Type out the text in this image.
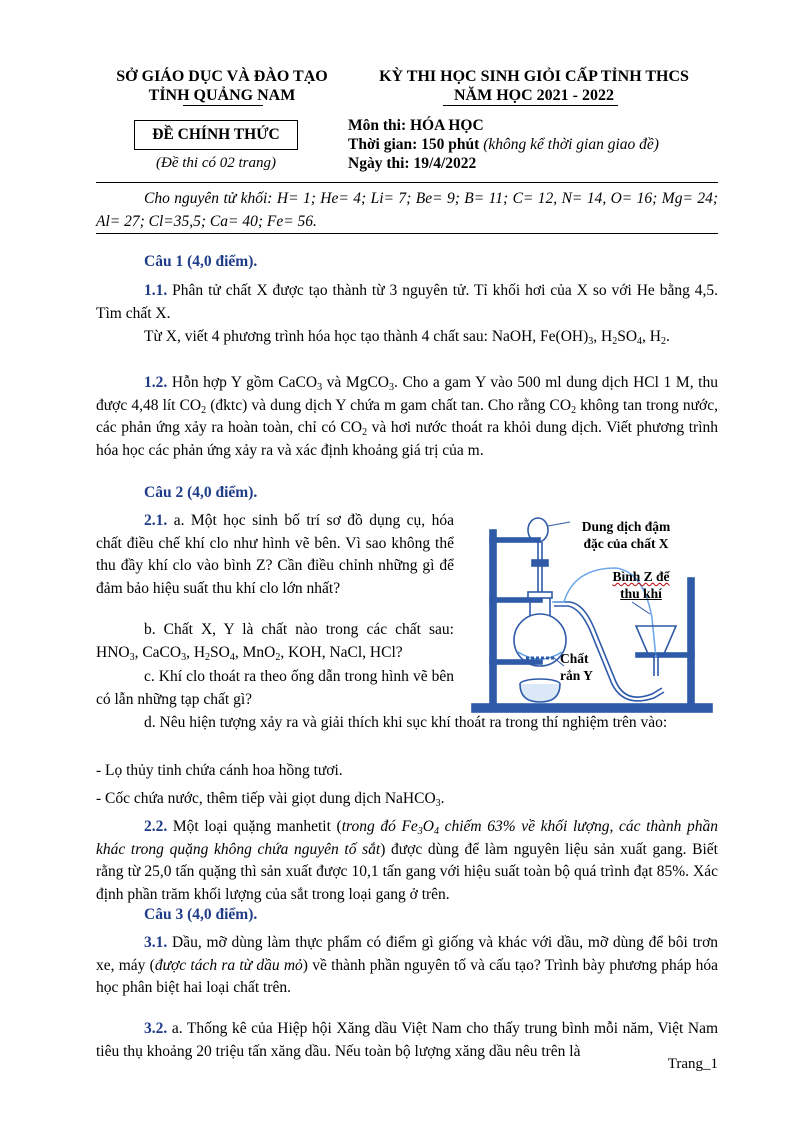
SỞ GIÁO DỤC VÀ ĐÀO TẠO
TỈNH QUẢNG NAM
KỲ THI HỌC SINH GIỎI CẤP TỈNH THCS
NĂM HỌC 2021 - 2022
ĐỀ CHÍNH THỨC
(Đề thi có 02 trang)
Môn thi: HÓA HỌC
Thời gian: 150 phút (không kể thời gian giao đề)
Ngày thi: 19/4/2022

Cho nguyên tử khối: H= 1; He= 4; Li= 7; Be= 9; B= 11; C= 12, N= 14, O= 16; Mg= 24; Al= 27; Cl=35,5; Ca= 40; Fe= 56.

Câu 1 (4,0 điểm).

1.1. Phân tử chất X được tạo thành từ 3 nguyên tử. Tỉ khối hơi của X so với He bằng 4,5. Tìm chất X.

Từ X, viết 4 phương trình hóa học tạo thành 4 chất sau: NaOH, $Fe(OH)_3$, $H_2SO_4$, $H_2$.

1.2. Hỗn hợp Y gồm CaCO$_3$ và MgCO$_3$. Cho a gam Y vào 500 ml dung dịch HCl 1 M, thu được 4,48 lít $CO_2$ (đktc) và dung dịch Y chứa m gam chất tan. Cho rằng $CO_2$ không tan trong nước, các phản ứng xảy ra hoàn toàn, chỉ có $CO_2$ và hơi nước thoát ra khỏi dung dịch. Viết phương trình hóa học các phản ứng xảy ra và xác định khoảng giá trị của m.

Câu 2 (4,0 điểm).

2.1. a. Một học sinh bố trí sơ đồ dụng cụ, hóa chất điều chế khí clo như hình vẽ bên. Vì sao không thể thu đầy khí clo vào bình Z? Cần điều chỉnh những gì để đảm bảo hiệu suất thu khí clo lớn nhất?

b. Chất X, Y là chất nào trong các chất sau: $HNO_3$, CaCO$_3$, $H_2SO_4$, MnO$_2$, KOH, NaCl, HCl?

c. Khí clo thoát ra theo ống dẫn trong hình vẽ bên có lẫn những tạp chất gì?

d. Nêu hiện tượng xảy ra và giải thích khi sục khí thoát ra trong thí nghiệm trên vào:

- Lọ thủy tinh chứa cánh hoa hồng tươi.

- Cốc chứa nước, thêm tiếp vài giọt dung dịch NaHCO$_3$.

Dung dịch đậm
đặc của chất X
Bình Z để
thu khí
Chất
rắn Y

2.2. Một loại quặng manhetit (trong đó $Fe_3O_4$ chiếm 63% về khối lượng, các thành phần khác trong quặng không chứa nguyên tố sắt) được dùng để làm nguyên liệu sản xuất gang. Biết rằng từ 25,0 tấn quặng thì sản xuất được 10,1 tấn gang với hiệu suất toàn bộ quá trình đạt 85%. Xác định phần trăm khối lượng của sắt trong loại gang ở trên.

Câu 3 (4,0 điểm).

3.1. Dầu, mỡ dùng làm thực phẩm có điểm gì giống và khác với dầu, mỡ dùng để bôi trơn xe, máy (được tách ra từ dầu mỏ) về thành phần nguyên tố và cấu tạo? Trình bày phương pháp hóa học phân biệt hai loại chất trên.

3.2. a. Thống kê của Hiệp hội Xăng dầu Việt Nam cho thấy trung bình mỗi năm, Việt Nam tiêu thụ khoảng 20 triệu tấn xăng dầu. Nếu toàn bộ lượng xăng dầu nêu trên là

Trang_1
